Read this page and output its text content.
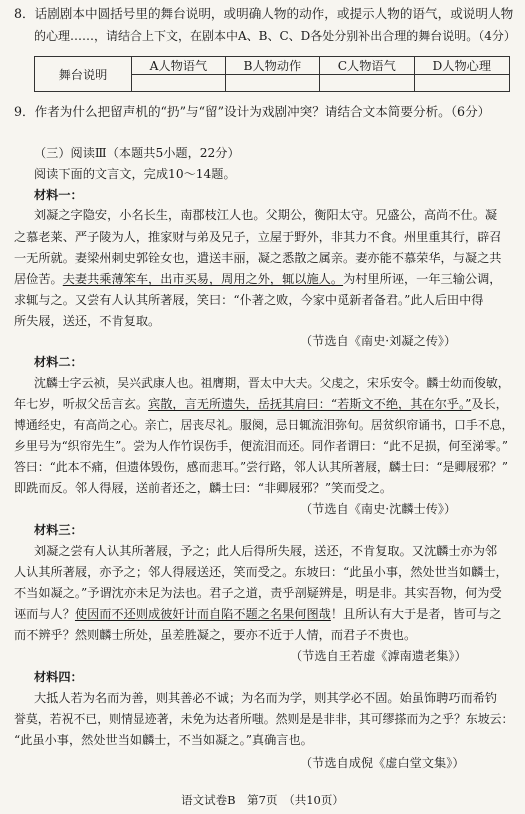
8．话剧剧本中圆括号里的舞台说明，或明确人物的动作，或提示人物的语气，或说明人物
的心理……，请结合上下文，在剧本中A、B、C、D各处分别补出合理的舞台说明。（4分）
舞台说明	A人物语气	B人物动作	C人物语气	D人物心理

9．作者为什么把留声机的“扔”与“留”设计为戏剧冲突？请结合文本简要分析。（6分）
（三）阅读Ⅲ（本题共5小题，22分）
阅读下面的文言文，完成10～14题。
材料一：
刘凝之字隐安，小名长生，南郡枝江人也。父期公，衡阳太守。兄盛公，高尚不仕。凝
之慕老莱、严子陵为人，推家财与弟及兄子，立屋于野外，非其力不食。州里重其行，辟召
一无所就。妻梁州刺史郭铨女也，遣送丰丽，凝之悉散之属亲。妻亦能不慕荣华，与凝之共
居俭苦。夫妻共乘薄笨车，出市买易，周用之外，辄以施人。为村里所诬，一年三输公调，
求辄与之。又尝有人认其所著屐，笑曰：“仆著之败，今家中觅新者备君。”此人后田中得
所失屐，送还，不肯复取。
（节选自《南史·刘凝之传》）
材料二：
沈麟士字云祯，吴兴武康人也。祖膺期，晋太中大夫。父虔之，宋乐安令。麟士幼而俊敏，
年七岁，听叔父岳言玄。宾散，言无所遗失，岳抚其肩曰：“若斯文不绝，其在尔乎。”及长，
博通经史，有高尚之心。亲亡，居丧尽礼。服阕，忌日辄流泪弥旬。居贫织帘诵书，口手不息，
乡里号为“织帘先生”。尝为人作竹误伤手，便流泪而还。同作者谓曰：“此不足损，何至涕零。”
答曰：“此本不痛，但遗体毁伤，感而悲耳。”尝行路，邻人认其所著屐，麟士曰：“是卿屐邪？”
即跣而反。邻人得屐，送前者还之，麟士曰：“非卿屐邪？”笑而受之。
（节选自《南史·沈麟士传》）
材料三：
刘凝之尝有人认其所著屐，予之；此人后得所失屐，送还，不肯复取。又沈麟士亦为邻
人认其所著屐，亦予之；邻人得屐送还，笑而受之。东坡曰：“此虽小事，然处世当如麟士，
不当如凝之。”予谓沈亦未足为法也。君子之道，责乎剖疑辨是，明是非。其实吾物，何为受
诬而与人？使因而不还则成彼奸计而自陷不题之名果何图哉！且所认有大于是者，皆可与之
而不辨乎？然则麟士所处，虽差胜凝之，要亦不近于人情，而君子不贵也。
（节选自王若虚《滹南遗老集》）
材料四：
大抵人若为名而为善，则其善必不诚；为名而为学，则其学必不固。始虽饰聘巧而希钓
誉莫，若祝不已，则情显迹著，未免为达者所嗤。然则是是非非，其可缪搽而为之乎？东坡云：
“此虽小事，然处世当如麟士，不当如凝之。”真确言也。
（节选自成倪《虚白堂文集》）
语文试卷B　第7页　（共10页）
